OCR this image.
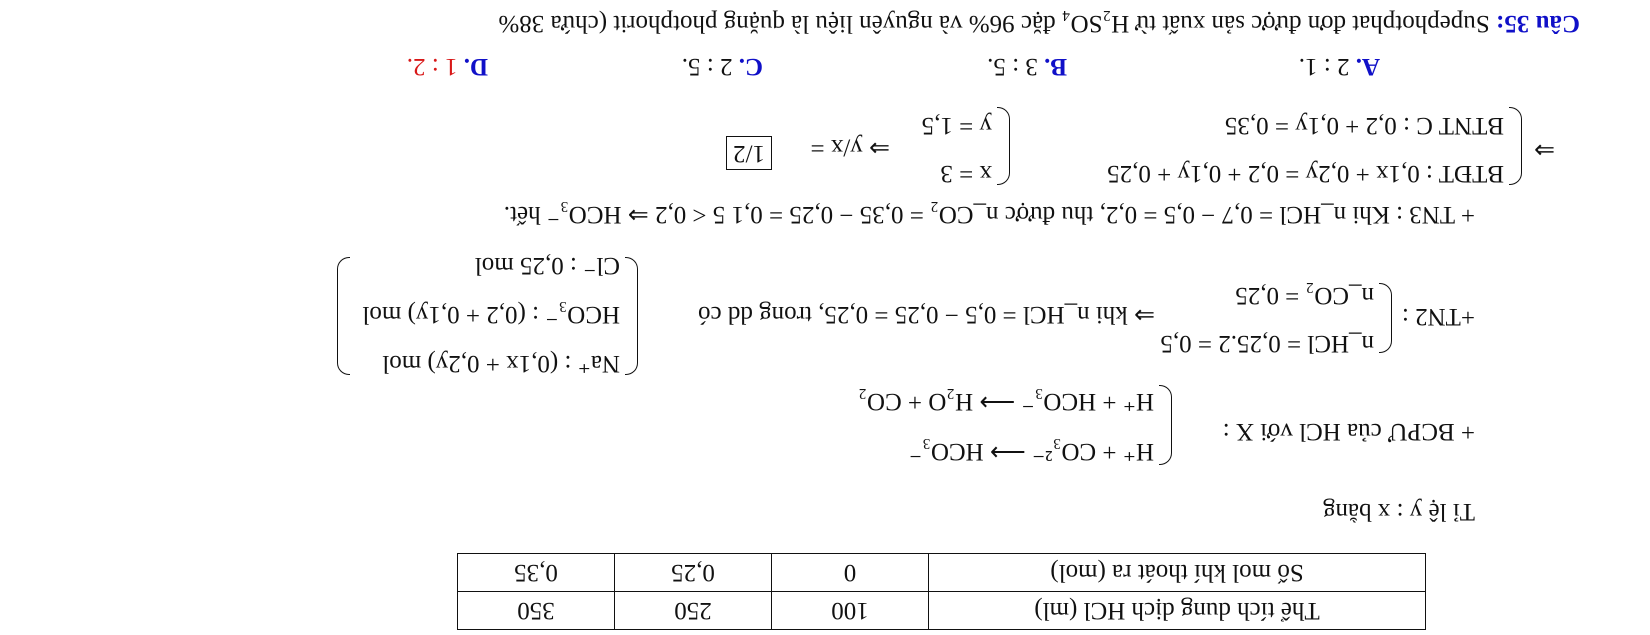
Thể tích dung dịch HCl (ml)	100	250	350
Số mol khí thoát ra (mol)	0	0,25	0,35
Tỉ lệ y : x bằng
+ BCPƯ của HCl với X :
H⁺ + CO₃²⁻ ⟶ HCO₃⁻
H⁺ + HCO₃⁻ ⟶ H₂O + CO₂
+TN2 :
n_HCl = 0,25.2 = 0,5
n_CO₂ = 0,25
⇒ khi n_HCl = 0,5 − 0,25 = 0,25, trong dd có
Na⁺ : (0,1x + 0,2y) mol
HCO₃⁻ : (0,2 + 0,1y) mol
Cl⁻ : 0,25 mol
+ TN3 : Khi n_HCl = 0,7 − 0,5 = 0,2, thu được n_CO₂ = 0,35 − 0,25 = 0,1 5 < 0,2 ⇒ HCO₃⁻ hết.
⇒
BTĐT : 0,1x + 0,2y = 0,2 + 0,1y + 0,25
BTNT C : 0,2 + 0,1y = 0,35
x = 3
y = 1,5
⇒ y/x =
1/2
A. 2 : 1.
B. 3 : 5.
C. 2 : 5.
D. 1 : 2.
Câu 35: Supephotphat đơn được sản xuất từ H₂SO₄ đặc 96% và nguyên liệu là quặng photphorit (chứa 38%
